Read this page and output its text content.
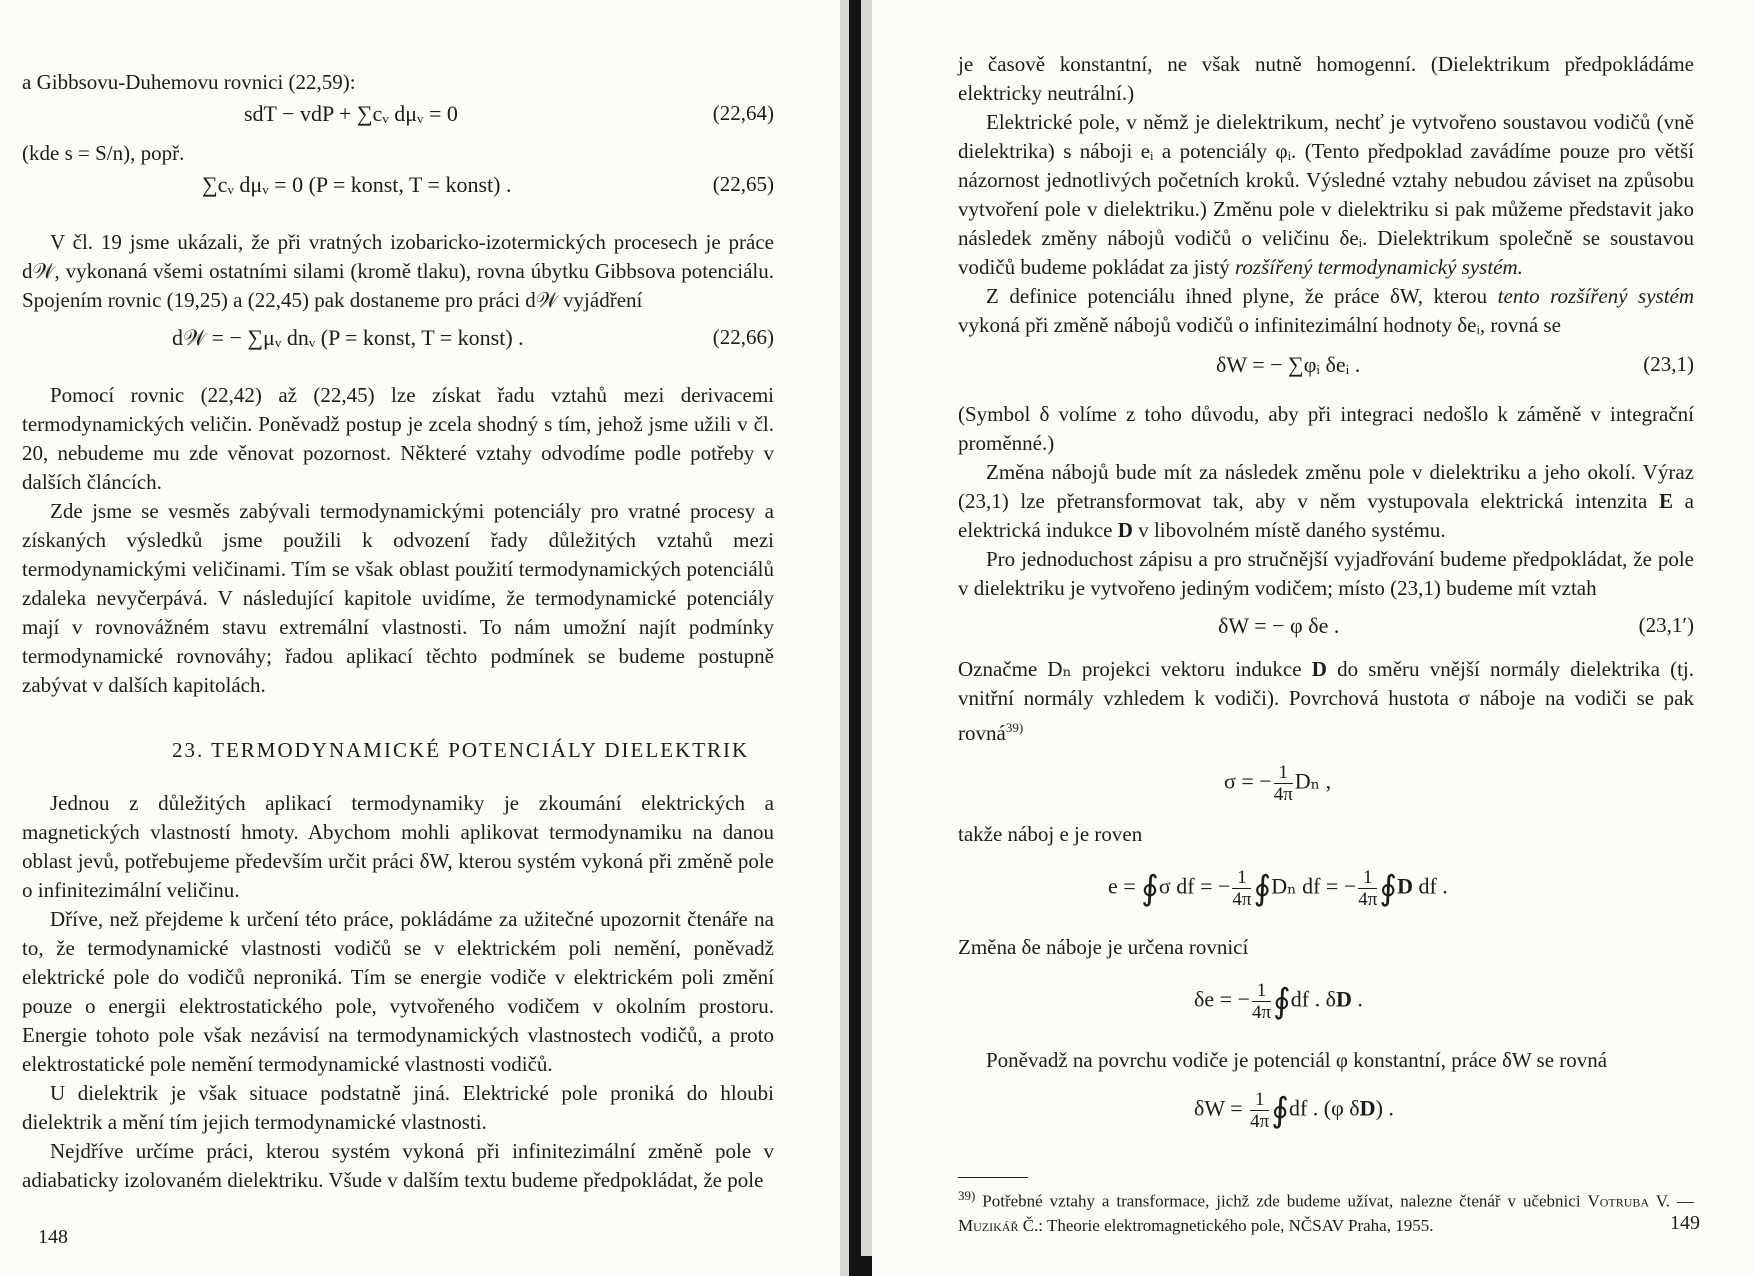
a Gibbsovu-Duhemovu rovnici (22,59):

sdT − vdP + ∑cᵥ dμᵥ = 0	(22,64)

(kde s = S/n), popř.

∑cᵥ dμᵥ = 0 (P = konst, T = konst) .	(22,65)

V čl. 19 jsme ukázali, že při vratných izobaricko-izotermických procesech je práce d𝒲, vykonaná všemi ostatními silami (kromě tlaku), rovna úbytku Gibbsova potenciálu. Spojením rovnic (19,25) a (22,45) pak dostaneme pro práci d𝒲 vyjádření

d𝒲 = − ∑μᵥ dnᵥ (P = konst, T = konst) .	(22,66)

Pomocí rovnic (22,42) až (22,45) lze získat řadu vztahů mezi derivacemi termodynamických veličin. Poněvadž postup je zcela shodný s tím, jehož jsme užili v čl. 20, nebudeme mu zde věnovat pozornost. Některé vztahy odvodíme podle potřeby v dalších článcích.

Zde jsme se vesměs zabývali termodynamickými potenciály pro vratné procesy a získaných výsledků jsme použili k odvození řady důležitých vztahů mezi termodynamickými veličinami. Tím se však oblast použití termodynamických potenciálů zdaleka nevyčerpává. V následující kapitole uvidíme, že termodynamické potenciály mají v rovnovážném stavu extremální vlastnosti. To nám umožní najít podmínky termodynamické rovnováhy; řadou aplikací těchto podmínek se budeme postupně zabývat v dalších kapitolách.

23. TERMODYNAMICKÉ POTENCIÁLY DIELEKTRIK

Jednou z důležitých aplikací termodynamiky je zkoumání elektrických a magnetických vlastností hmoty. Abychom mohli aplikovat termodynamiku na danou oblast jevů, potřebujeme především určit práci δW, kterou systém vykoná při změně pole o infinitezimální veličinu.

Dříve, než přejdeme k určení této práce, pokládáme za užitečné upozornit čtenáře na to, že termodynamické vlastnosti vodičů se v elektrickém poli nemění, poněvadž elektrické pole do vodičů neproniká. Tím se energie vodiče v elektrickém poli změní pouze o energii elektrostatického pole, vytvořeného vodičem v okolním prostoru. Energie tohoto pole však nezávisí na termodynamických vlastnostech vodičů, a proto elektrostatické pole nemění termodynamické vlastnosti vodičů.

U dielektrik je však situace podstatně jiná. Elektrické pole proniká do hloubi dielektrik a mění tím jejich termodynamické vlastnosti.

Nejdříve určíme práci, kterou systém vykoná při infinitezimální změně pole v adiabaticky izolovaném dielektriku. Všude v dalším textu budeme předpokládat, že pole

148

je časově konstantní, ne však nutně homogenní. (Dielektrikum předpokládáme elektricky neutrální.)

Elektrické pole, v němž je dielektrikum, nechť je vytvořeno soustavou vodičů (vně dielektrika) s náboji eᵢ a potenciály φᵢ. (Tento předpoklad zavádíme pouze pro větší názornost jednotlivých početních kroků. Výsledné vztahy nebudou záviset na způsobu vytvoření pole v dielektriku.) Změnu pole v dielektriku si pak můžeme představit jako následek změny nábojů vodičů o veličinu δeᵢ. Dielektrikum společně se soustavou vodičů budeme pokládat za jistý rozšířený termodynamický systém.

Z definice potenciálu ihned plyne, že práce δW, kterou tento rozšířený systém vykoná při změně nábojů vodičů o infinitezimální hodnoty δeᵢ, rovná se

δW = − ∑φᵢ δeᵢ .	(23,1)

(Symbol δ volíme z toho důvodu, aby při integraci nedošlo k záměně v integrační proměnné.)

Změna nábojů bude mít za následek změnu pole v dielektriku a jeho okolí. Výraz (23,1) lze přetransformovat tak, aby v něm vystupovala elektrická intenzita E a elektrická indukce D v libovolném místě daného systému.

Pro jednoduchost zápisu a pro stručnější vyjadřování budeme předpokládat, že pole v dielektriku je vytvořeno jediným vodičem; místo (23,1) budeme mít vztah

δW = − φ δe .	(23,1′)

Označme Dₙ projekci vektoru indukce D do směru vnější normály dielektrika (tj. vnitřní normály vzhledem k vodiči). Povrchová hustota σ náboje na vodiči se pak rovná$^{39)}$

σ = − $\frac{1}{4\pi}$ Dₙ ,

takže náboj e je roven

e = ∮σ df = − $\frac{1}{4\pi}$ ∮Dₙ df = − $\frac{1}{4\pi}$ ∮D df .

Změna δe náboje je určena rovnicí

δe = − $\frac{1}{4\pi}$ ∮df . δD .

Poněvadž na povrchu vodiče je potenciál φ konstantní, práce δW se rovná

$\delta W = \frac{1}{4\pi}$ ∮df . (φ δD) .
$^{39)}$ Potřebné vztahy a transformace, jichž zde budeme užívat, nalezne čtenář v učebnici Votruba V. — Muzikář Č.: Theorie elektromagnetického pole, NČSAV Praha, 1955.	149
